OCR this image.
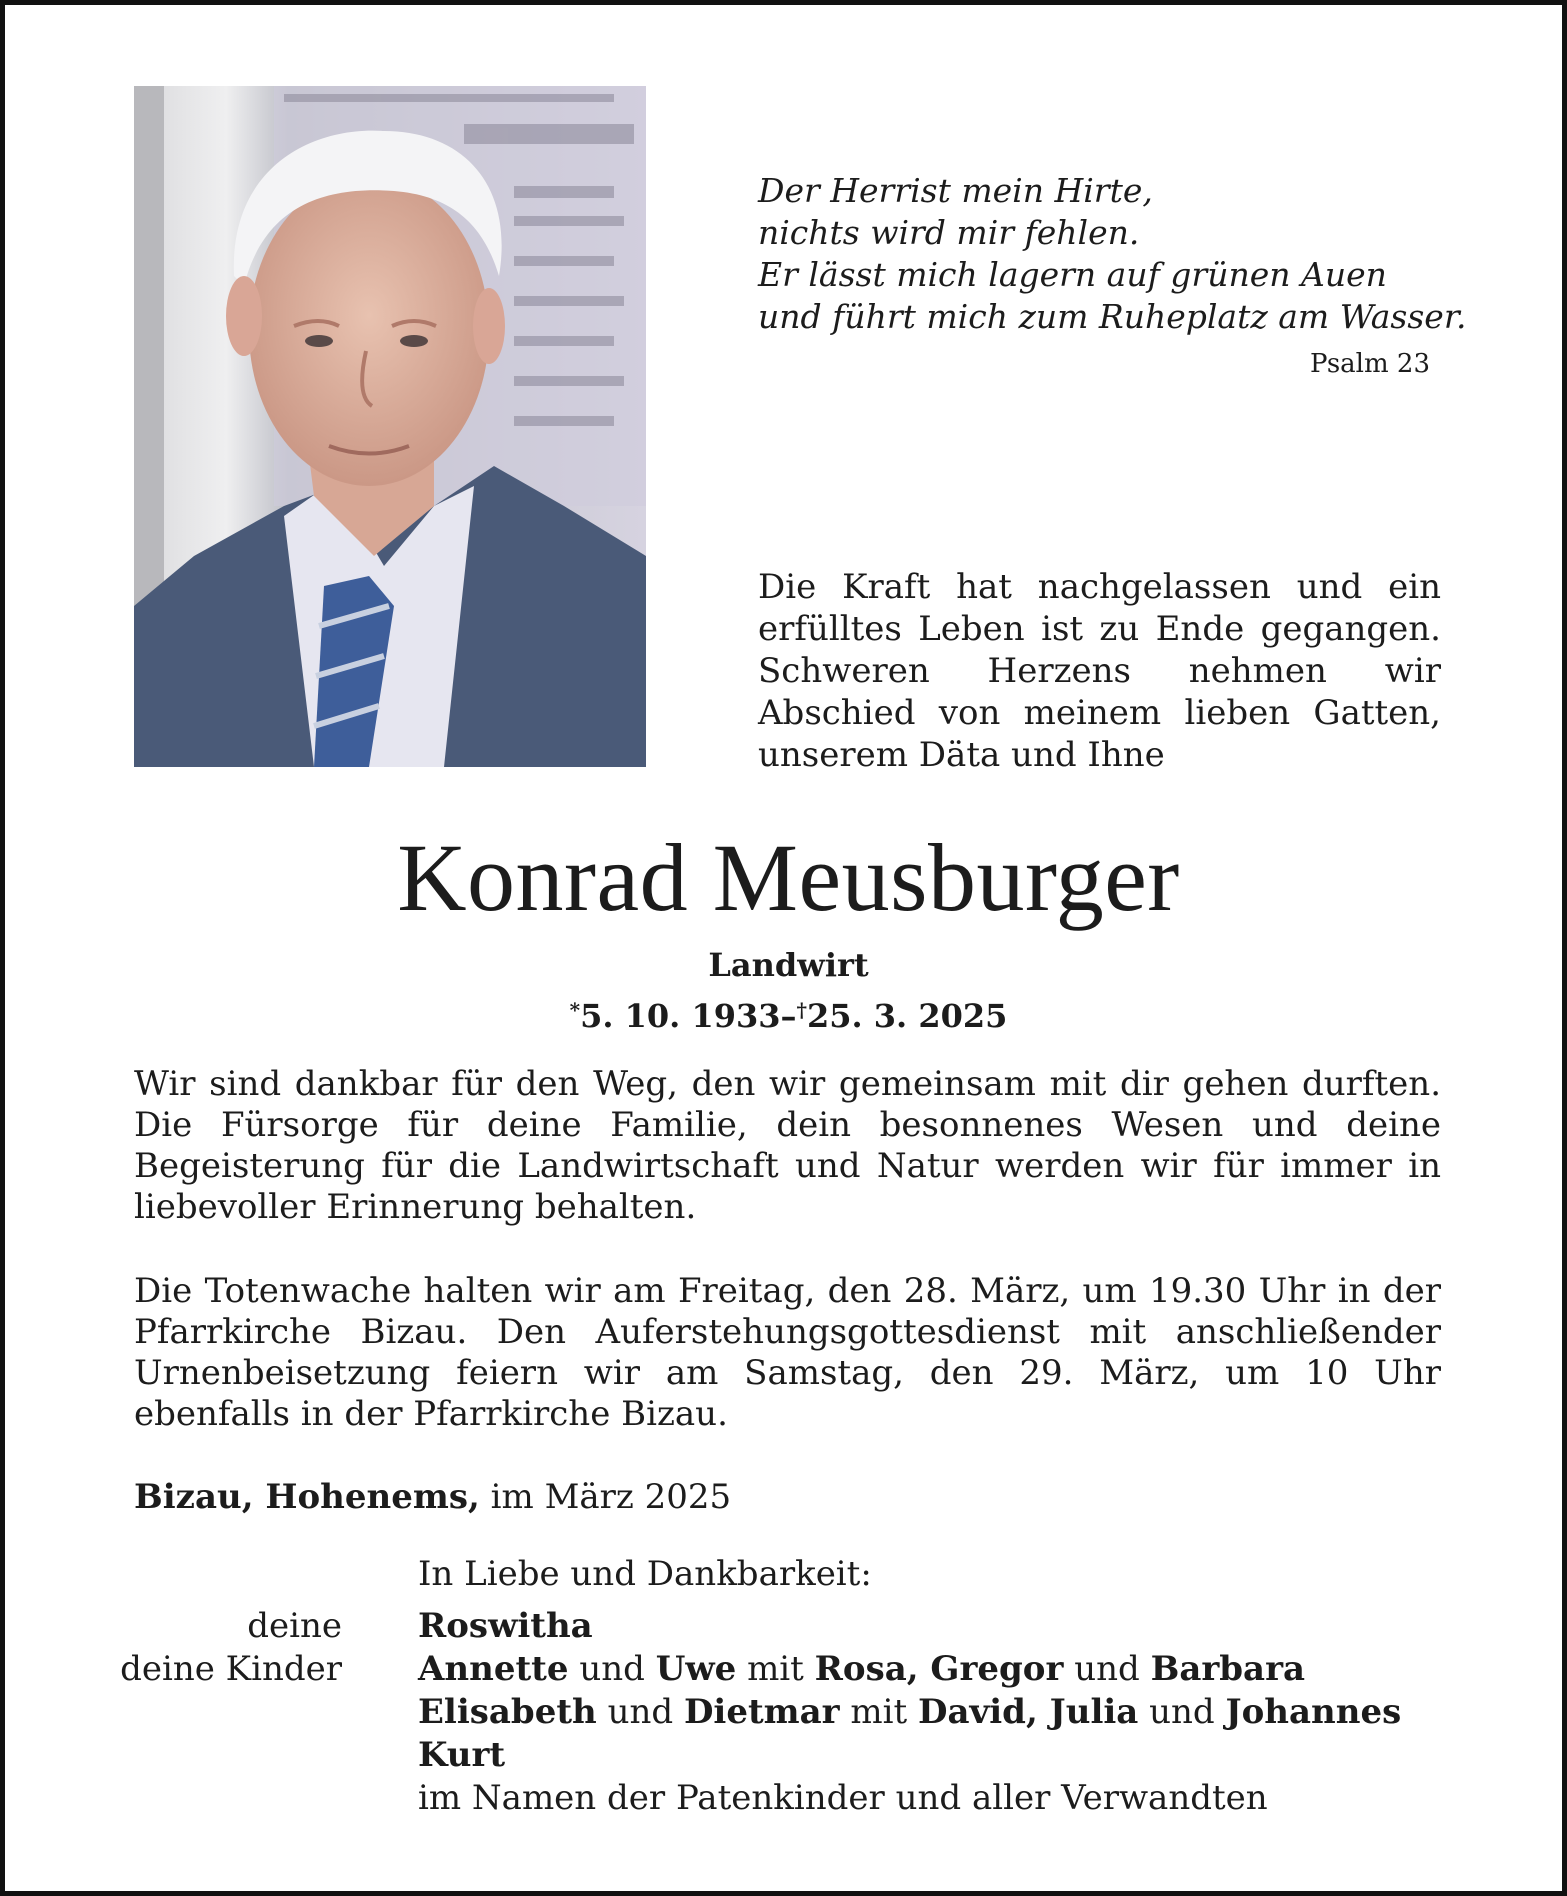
Der Herrist mein Hirte,
nichts wird mir fehlen.
Er lässt mich lagern auf grünen Auen
und führt mich zum Ruheplatz am Wasser.
Psalm 23
Die Kraft hat nachgelassen und ein erfülltes Leben ist zu Ende gegangen. Schweren Herzens nehmen wir Abschied von meinem lieben Gatten, unserem Däta und Ihne
Konrad Meusburger
Landwirt
*5. 10. 1933–†25. 3. 2025
Wir sind dankbar für den Weg, den wir gemeinsam mit dir gehen durften. Die Fürsorge für deine Familie, dein besonnenes Wesen und deine Begeisterung für die Landwirtschaft und Natur werden wir für immer in liebevoller Erinnerung behalten.
Die Totenwache halten wir am Freitag, den 28. März, um 19.30 Uhr in der Pfarrkirche Bizau. Den Auferstehungsgottesdienst mit anschließender Urnenbeisetzung feiern wir am Samstag, den 29. März, um 10 Uhr ebenfalls in der Pfarrkirche Bizau.
Bizau, Hohenems, im März 2025
In Liebe und Dankbarkeit:
deine Roswitha
deine Kinder Annette und Uwe mit Rosa, Gregor und Barbara
Elisabeth und Dietmar mit David, Julia und Johannes
Kurt
im Namen der Patenkinder und aller Verwandten
